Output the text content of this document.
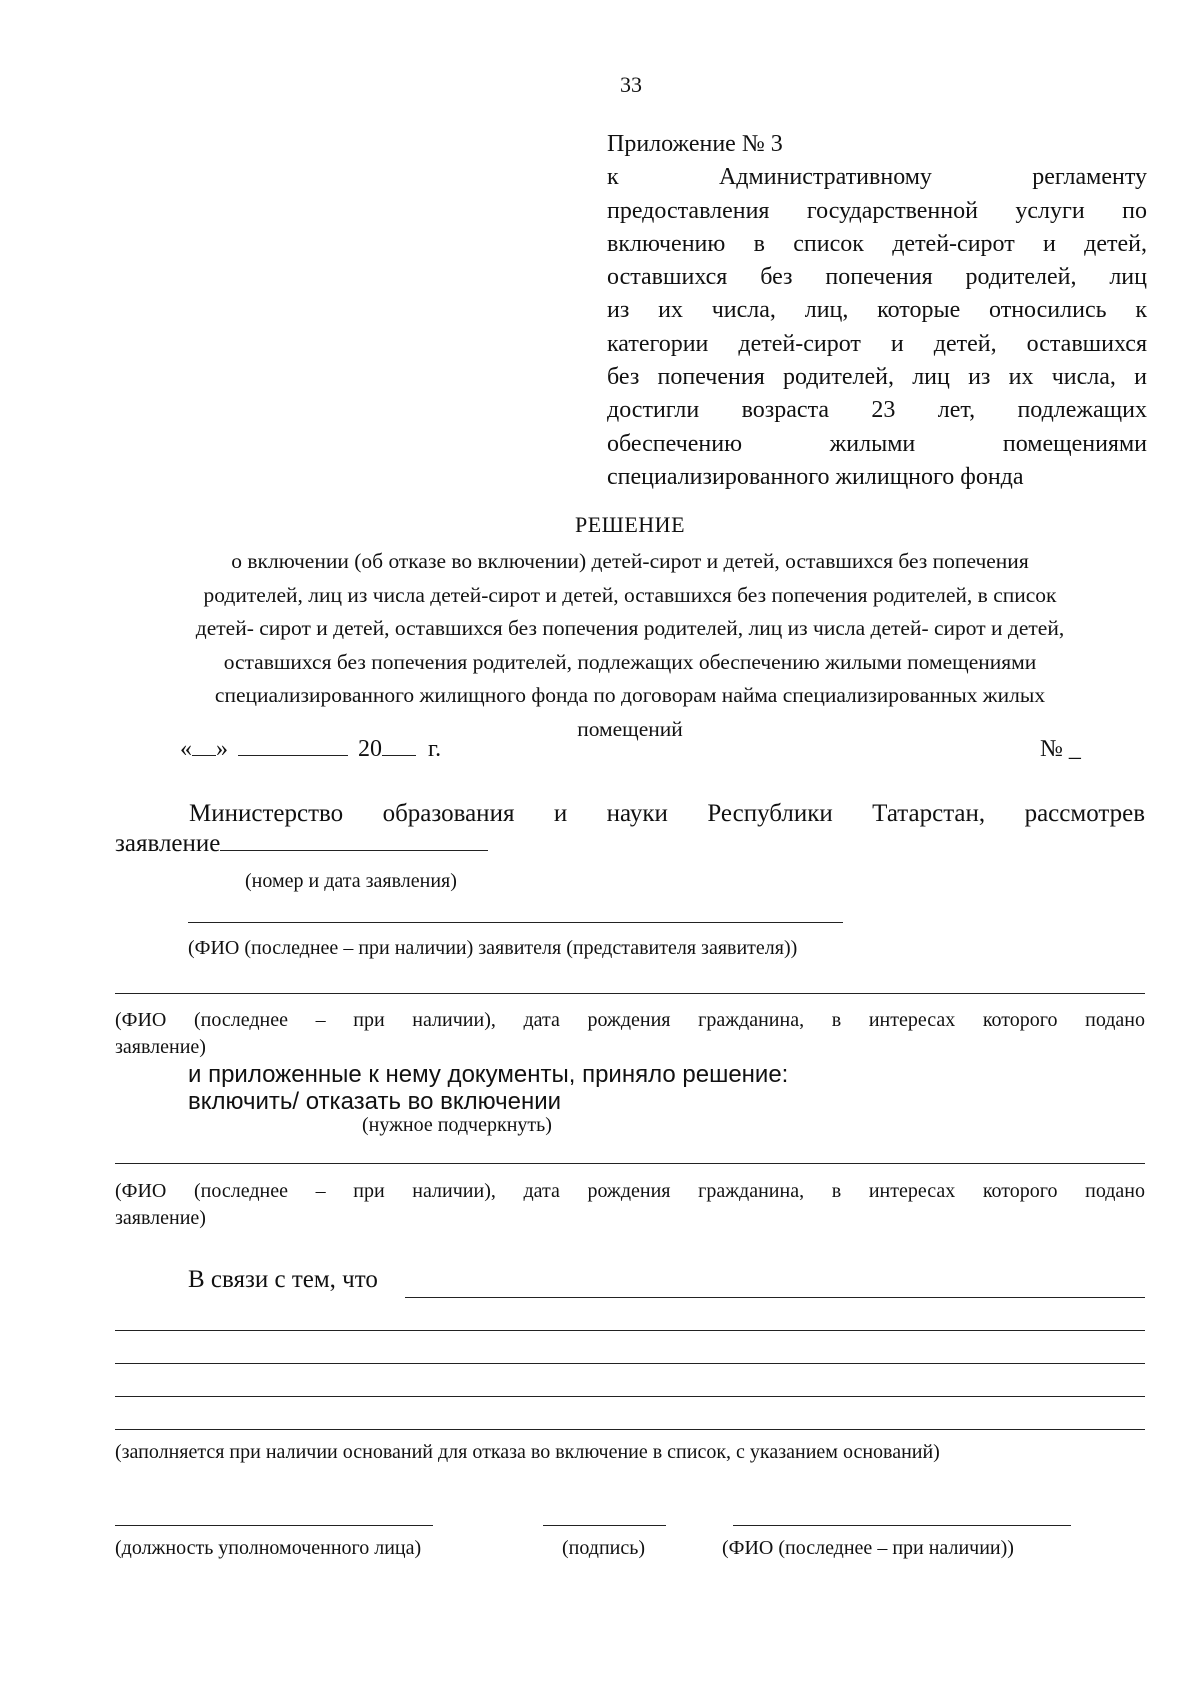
33
Приложение № 3
к Административному регламенту
предоставления государственной услуги по
включению в список детей-сирот и детей,
оставшихся без попечения родителей, лиц
из их числа, лиц, которые относились к
категории детей-сирот и детей, оставшихся
без попечения родителей, лиц из их числа, и
достигли возраста 23 лет, подлежащих
обеспечению жилыми помещениями
специализированного жилищного фонда
РЕШЕНИЕ
о включении (об отказе во включении) детей-сирот и детей, оставшихся без попечения
родителей, лиц из числа детей-сирот и детей, оставшихся без попечения родителей, в список
детей- сирот и детей, оставшихся без попечения родителей, лиц из числа детей- сирот и детей,
оставшихся без попечения родителей, подлежащих обеспечению жилыми помещениями
специализированного жилищного фонда по договорам найма специализированных жилых
помещений
« »	20 г.	№ _
Министерство образования и науки Республики Татарстан, рассмотрев
заявление
(номер и дата заявления)
(ФИО (последнее – при наличии) заявителя (представителя заявителя))
(ФИО (последнее – при наличии), дата рождения гражданина, в интересах которого подано
заявление)
и приложенные к нему документы, приняло решение:
включить/ отказать во включении
(нужное подчеркнуть)
(ФИО (последнее – при наличии), дата рождения гражданина, в интересах которого подано
заявление)
В связи с тем, что
(заполняется при наличии оснований для отказа во включение в список, с указанием оснований)
(должность уполномоченного лица)	(подпись)	(ФИО (последнее – при наличии))
